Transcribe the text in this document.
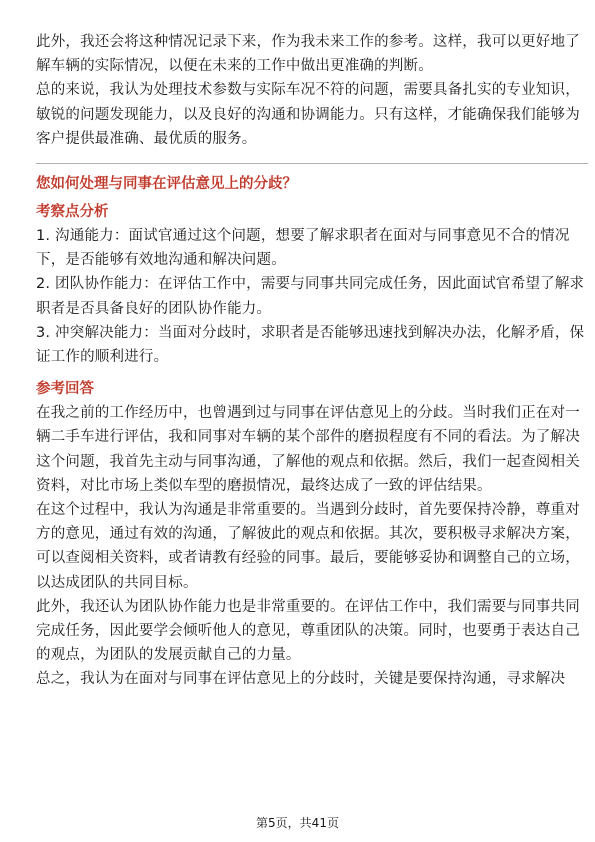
此外，我还会将这种情况记录下来，作为我未来工作的参考。这样，我可以更好地了解车辆的实际情况，以便在未来的工作中做出更准确的判断。

总的来说，我认为处理技术参数与实际车况不符的问题，需要具备扎实的专业知识，敏锐的问题发现能力，以及良好的沟通和协调能力。只有这样，才能确保我们能够为客户提供最准确、最优质的服务。

您如何处理与同事在评估意见上的分歧？

考察点分析

1. 沟通能力：面试官通过这个问题，想要了解求职者在面对与同事意见不合的情况下，是否能够有效地沟通和解决问题。

2. 团队协作能力：在评估工作中，需要与同事共同完成任务，因此面试官希望了解求职者是否具备良好的团队协作能力。

3. 冲突解决能力：当面对分歧时，求职者是否能够迅速找到解决办法，化解矛盾，保证工作的顺利进行。

参考回答

在我之前的工作经历中，也曾遇到过与同事在评估意见上的分歧。当时我们正在对一辆二手车进行评估，我和同事对车辆的某个部件的磨损程度有不同的看法。为了解决这个问题，我首先主动与同事沟通，了解他的观点和依据。然后，我们一起查阅相关资料，对比市场上类似车型的磨损情况，最终达成了一致的评估结果。

在这个过程中，我认为沟通是非常重要的。当遇到分歧时，首先要保持冷静，尊重对方的意见，通过有效的沟通，了解彼此的观点和依据。其次，要积极寻求解决方案，可以查阅相关资料，或者请教有经验的同事。最后，要能够妥协和调整自己的立场，以达成团队的共同目标。

此外，我还认为团队协作能力也是非常重要的。在评估工作中，我们需要与同事共同完成任务，因此要学会倾听他人的意见，尊重团队的决策。同时，也要勇于表达自己的观点，为团队的发展贡献自己的力量。

总之，我认为在面对与同事在评估意见上的分歧时，关键是要保持沟通，寻求解决

第5页，共41页
